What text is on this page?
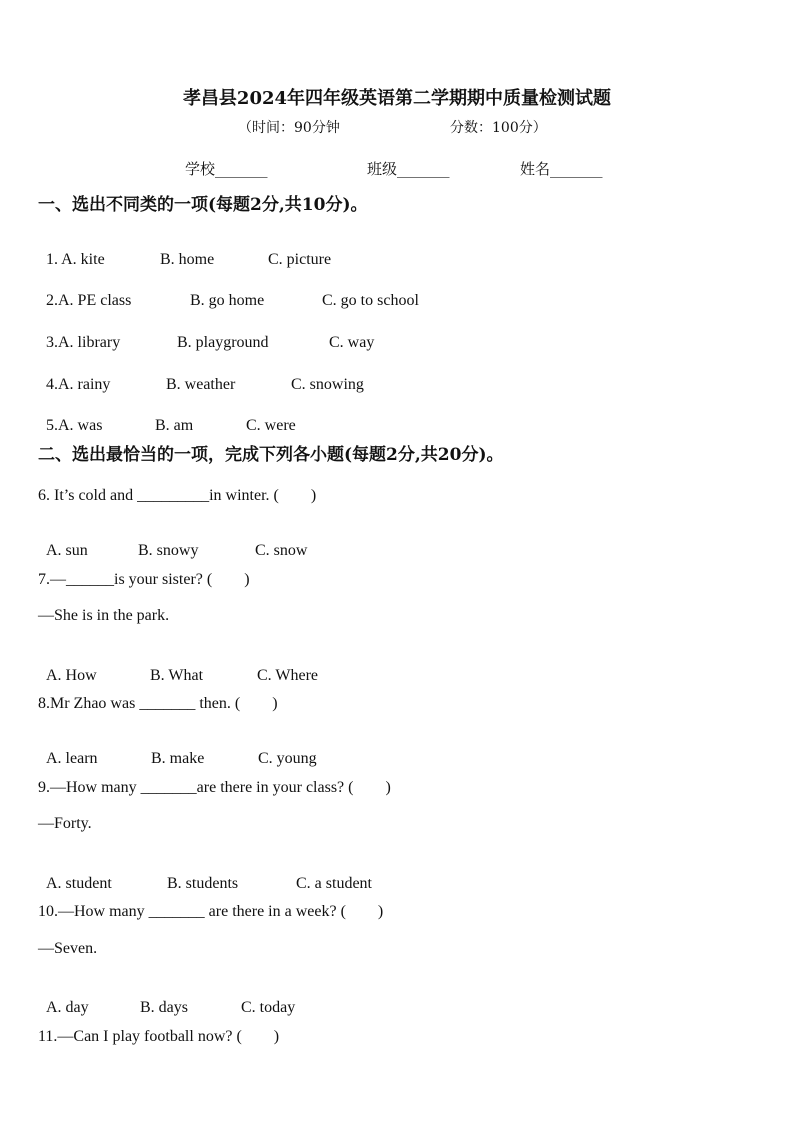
孝昌县2024年四年级英语第二学期期中质量检测试题
（时间：90分钟	分数：100分）
学校_______	班级_______	姓名_______
一、选出不同类的一项(每题2分,共10分)。

1. A. kite	B. home	C. picture

2.A. PE class	B. go home	C. go to school

3.A. library	B. playground	C. way

4.A. rainy	B. weather	C. snowing

5.A. was	B. am	C. were

二、选出最恰当的一项，完成下列各小题(每题2分,共20分)。
6. It’s cold and _________in winter. (　　)

A. sun	B. snowy	C. snow

7.—______is your sister? (　　)
—She is in the park.

A. How	B. What	C. Where

8.Mr Zhao was _______ then. (　　)

A. learn	B. make	C. young

9.—How many _______are there in your class? (　　)
—Forty.

A. student	B. students	C. a student

10.—How many _______ are there in a week? (　　)
—Seven.

A. day	B. days	C. today

11.—Can I play football now? (　　)
